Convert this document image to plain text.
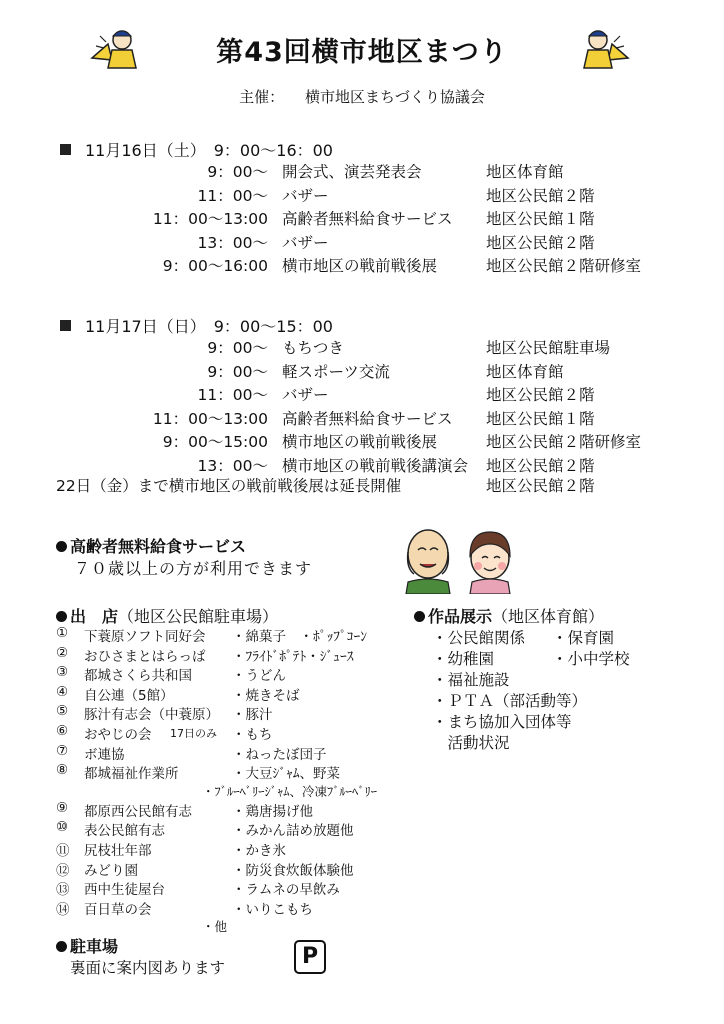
第43回横市地区まつり
主催： 横市地区まちづくり協議会
11月16日（土）　9：00～16：00
9：00～ 開会式、演芸発表会	地区体育館
11：00～ バザー	地区公民館２階
11：00～13:00 高齢者無料給食サービス 地区公民館１階
13：00～ バザー	地区公民館２階
9：00～16:00 横市地区の戦前戦後展	地区公民館２階研修室
11月17日（日）　9：00～15：00
9：00～ もちつき	地区公民館駐車場
9：00～ 軽スポーツ交流	地区体育館
11：00～ バザー	地区公民館２階
11：00～13:00 高齢者無料給食サービス 地区公民館１階
9：00～15:00 横市地区の戦前戦後展	地区公民館２階研修室
13：00～ 横市地区の戦前戦後講演会 地区公民館２階
22日（金）まで横市地区の戦前戦後展は延長開催	地区公民館２階
高齢者無料給食サービス
７０歳以上の方が利用できます
出　店（地区公民館駐車場）
① 下蓑原ソフト同好会 ・綿菓子　・ﾎﾟｯﾌﾟｺｰﾝ
② おひさまとはらっぱ ・ﾌﾗｲﾄﾞﾎﾟﾃﾄ・ｼﾞｭｰｽ
③ 都城さくら共和国	・うどん
④ 自公連（5館）	・焼きそば
⑤ 豚汁有志会（中蓑原） ・豚汁
⑥ おやじの会 17日のみ ・もち
⑦ ボ連協	・ねったぼ団子
⑧ 都城福祉作業所	・大豆ｼﾞｬﾑ、野菜
・ﾌﾞﾙｰﾍﾞﾘｰｼﾞｬﾑ、冷凍ﾌﾞﾙｰﾍﾞﾘｰ
⑨ 都原西公民館有志	・鶏唐揚げ他
⑩ 表公民館有志	・みかん詰め放題他
⑪ 尻枝壮年部	・かき氷
⑫ みどり園	・防災食炊飯体験他
⑬ 西中生徒屋台	・ラムネの早飲み
⑭ 百日草の会	・いりこもち
・他
作品展示（地区体育館）
・公民館関係 ・保育園
・幼稚園	・小中学校
・福祉施設
・ＰＴＡ（部活動等）
・まち協加入団体等
　活動状況
駐車場
裏面に案内図あります	P
